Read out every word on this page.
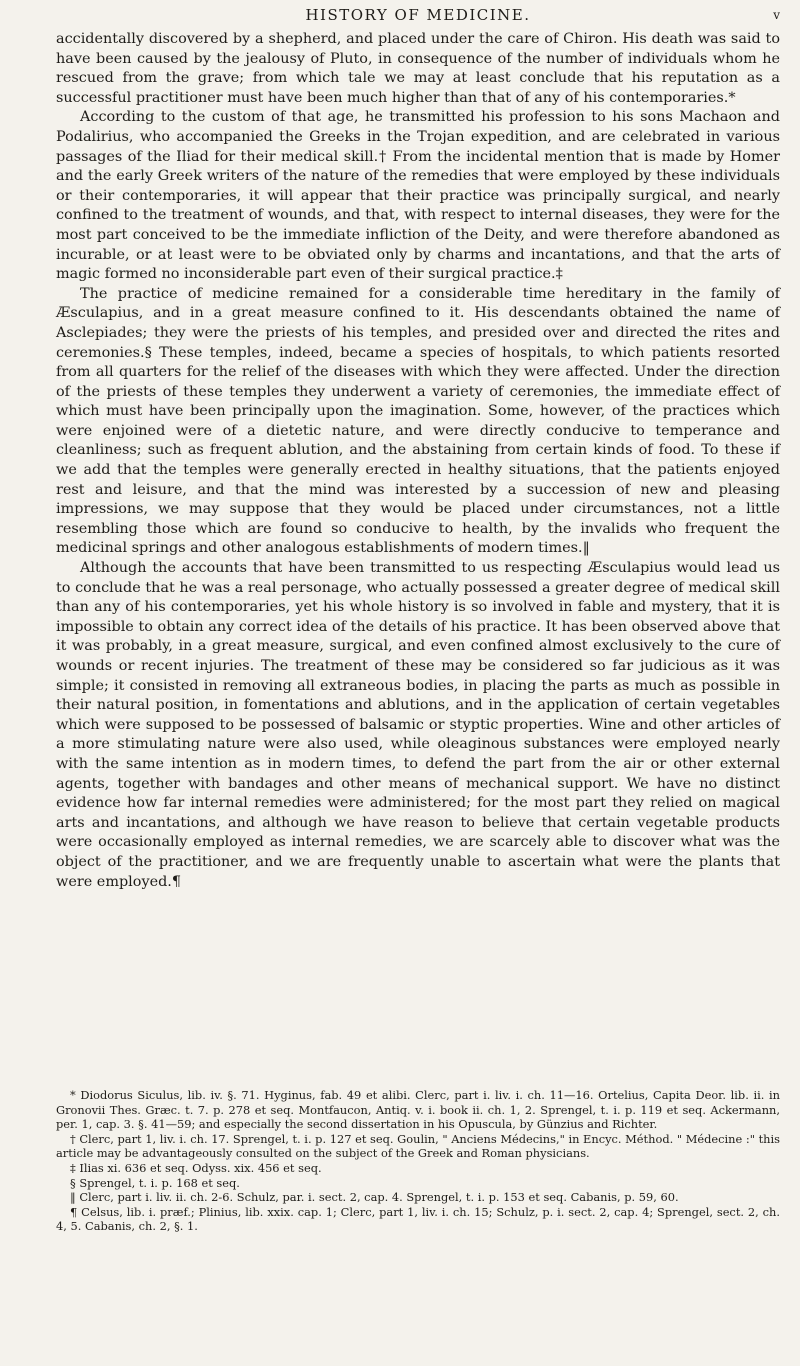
HISTORY OF MEDICINE.	v

accidentally discovered by a shepherd, and placed under the care of Chiron. His death was said to have been caused by the jealousy of Pluto, in consequence of the number of individuals whom he rescued from the grave; from which tale we may at least conclude that his reputation as a successful practitioner must have been much higher than that of any of his contemporaries.*

According to the custom of that age, he transmitted his profession to his sons Machaon and Podalirius, who accompanied the Greeks in the Trojan expedition, and are celebrated in various passages of the Iliad for their medical skill.† From the incidental mention that is made by Homer and the early Greek writers of the nature of the remedies that were employed by these individuals or their contemporaries, it will appear that their practice was principally surgical, and nearly confined to the treatment of wounds, and that, with respect to internal diseases, they were for the most part conceived to be the immediate infliction of the Deity, and were therefore abandoned as incurable, or at least were to be obviated only by charms and incantations, and that the arts of magic formed no inconsiderable part even of their surgical practice.‡

The practice of medicine remained for a considerable time hereditary in the family of Æsculapius, and in a great measure confined to it. His descendants obtained the name of Asclepiades; they were the priests of his temples, and presided over and directed the rites and ceremonies.§ These temples, indeed, became a species of hospitals, to which patients resorted from all quarters for the relief of the diseases with which they were affected. Under the direction of the priests of these temples they underwent a variety of ceremonies, the immediate effect of which must have been principally upon the imagination. Some, however, of the practices which were enjoined were of a dietetic nature, and were directly conducive to temperance and cleanliness; such as frequent ablution, and the abstaining from certain kinds of food. To these if we add that the temples were generally erected in healthy situations, that the patients enjoyed rest and leisure, and that the mind was interested by a succession of new and pleasing impressions, we may suppose that they would be placed under circumstances, not a little resembling those which are found so conducive to health, by the invalids who frequent the medicinal springs and other analogous establishments of modern times.‖

Although the accounts that have been transmitted to us respecting Æsculapius would lead us to conclude that he was a real personage, who actually possessed a greater degree of medical skill than any of his contemporaries, yet his whole history is so involved in fable and mystery, that it is impossible to obtain any correct idea of the details of his practice. It has been observed above that it was probably, in a great measure, surgical, and even confined almost exclusively to the cure of wounds or recent injuries. The treatment of these may be considered so far judicious as it was simple; it consisted in removing all extraneous bodies, in placing the parts as much as possible in their natural position, in fomentations and ablutions, and in the application of certain vegetables which were supposed to be possessed of balsamic or styptic properties. Wine and other articles of a more stimulating nature were also used, while oleaginous substances were employed nearly with the same intention as in modern times, to defend the part from the air or other external agents, together with bandages and other means of mechanical support. We have no distinct evidence how far internal remedies were administered; for the most part they relied on magical arts and incantations, and although we have reason to believe that certain vegetable products were occasionally employed as internal remedies, we are scarcely able to discover what was the object of the practitioner, and we are frequently unable to ascertain what were the plants that were employed.¶

* Diodorus Siculus, lib. iv. §. 71. Hyginus, fab. 49 et alibi. Clerc, part i. liv. i. ch. 11—16. Ortelius, Capita Deor. lib. ii. in Gronovii Thes. Græc. t. 7. p. 278 et seq. Montfaucon, Antiq. v. i. book ii. ch. 1, 2. Sprengel, t. i. p. 119 et seq. Ackermann, per. 1, cap. 3. §. 41—59; and especially the second dissertation in his Opuscula, by Günzius and Richter.

† Clerc, part 1, liv. i. ch. 17. Sprengel, t. i. p. 127 et seq. Goulin, " Anciens Médecins," in Encyc. Méthod. " Médecine :" this article may be advantageously consulted on the subject of the Greek and Roman physicians.

‡ Ilias xi. 636 et seq. Odyss. xix. 456 et seq.

§ Sprengel, t. i. p. 168 et seq.

‖ Clerc, part i. liv. ii. ch. 2-6. Schulz, par. i. sect. 2, cap. 4. Sprengel, t. i. p. 153 et seq. Cabanis, p. 59, 60.

¶ Celsus, lib. i. præf.; Plinius, lib. xxix. cap. 1; Clerc, part 1, liv. i. ch. 15; Schulz, p. i. sect. 2, cap. 4; Sprengel, sect. 2, ch. 4, 5. Cabanis, ch. 2, §. 1.
